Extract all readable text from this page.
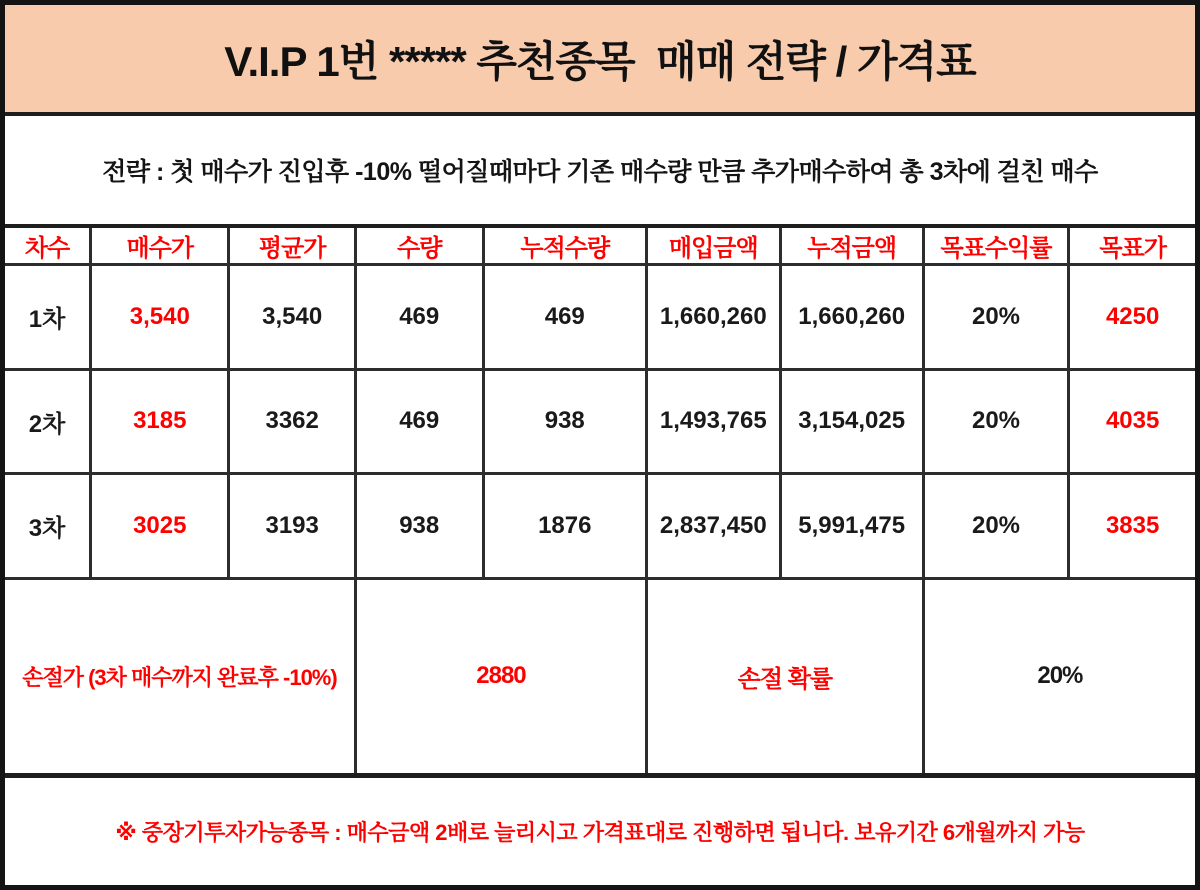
V.I.P 1번 ***** 추천종목  매매 전략 / 가격표
전략 : 첫 매수가 진입후 -10% 떨어질때마다 기존 매수량 만큼 추가매수하여 총 3차에 걸친 매수
차수	매수가	평균가	수량	누적수량	매입금액	누적금액	목표수익률	목표가
1차	3,540	3,540	469	469	1,660,260	1,660,260	20%	4250
2차	3185	3362	469	938	1,493,765	3,154,025	20%	4035
3차	3025	3193	938	1876	2,837,450	5,991,475	20%	3835
손절가 (3차 매수까지 완료후 -10%)			2880		손절 확률		20%	
※ 중장기투자가능종목 : 매수금액 2배로 늘리시고 가격표대로 진행하면 됩니다. 보유기간 6개월까지 가능
